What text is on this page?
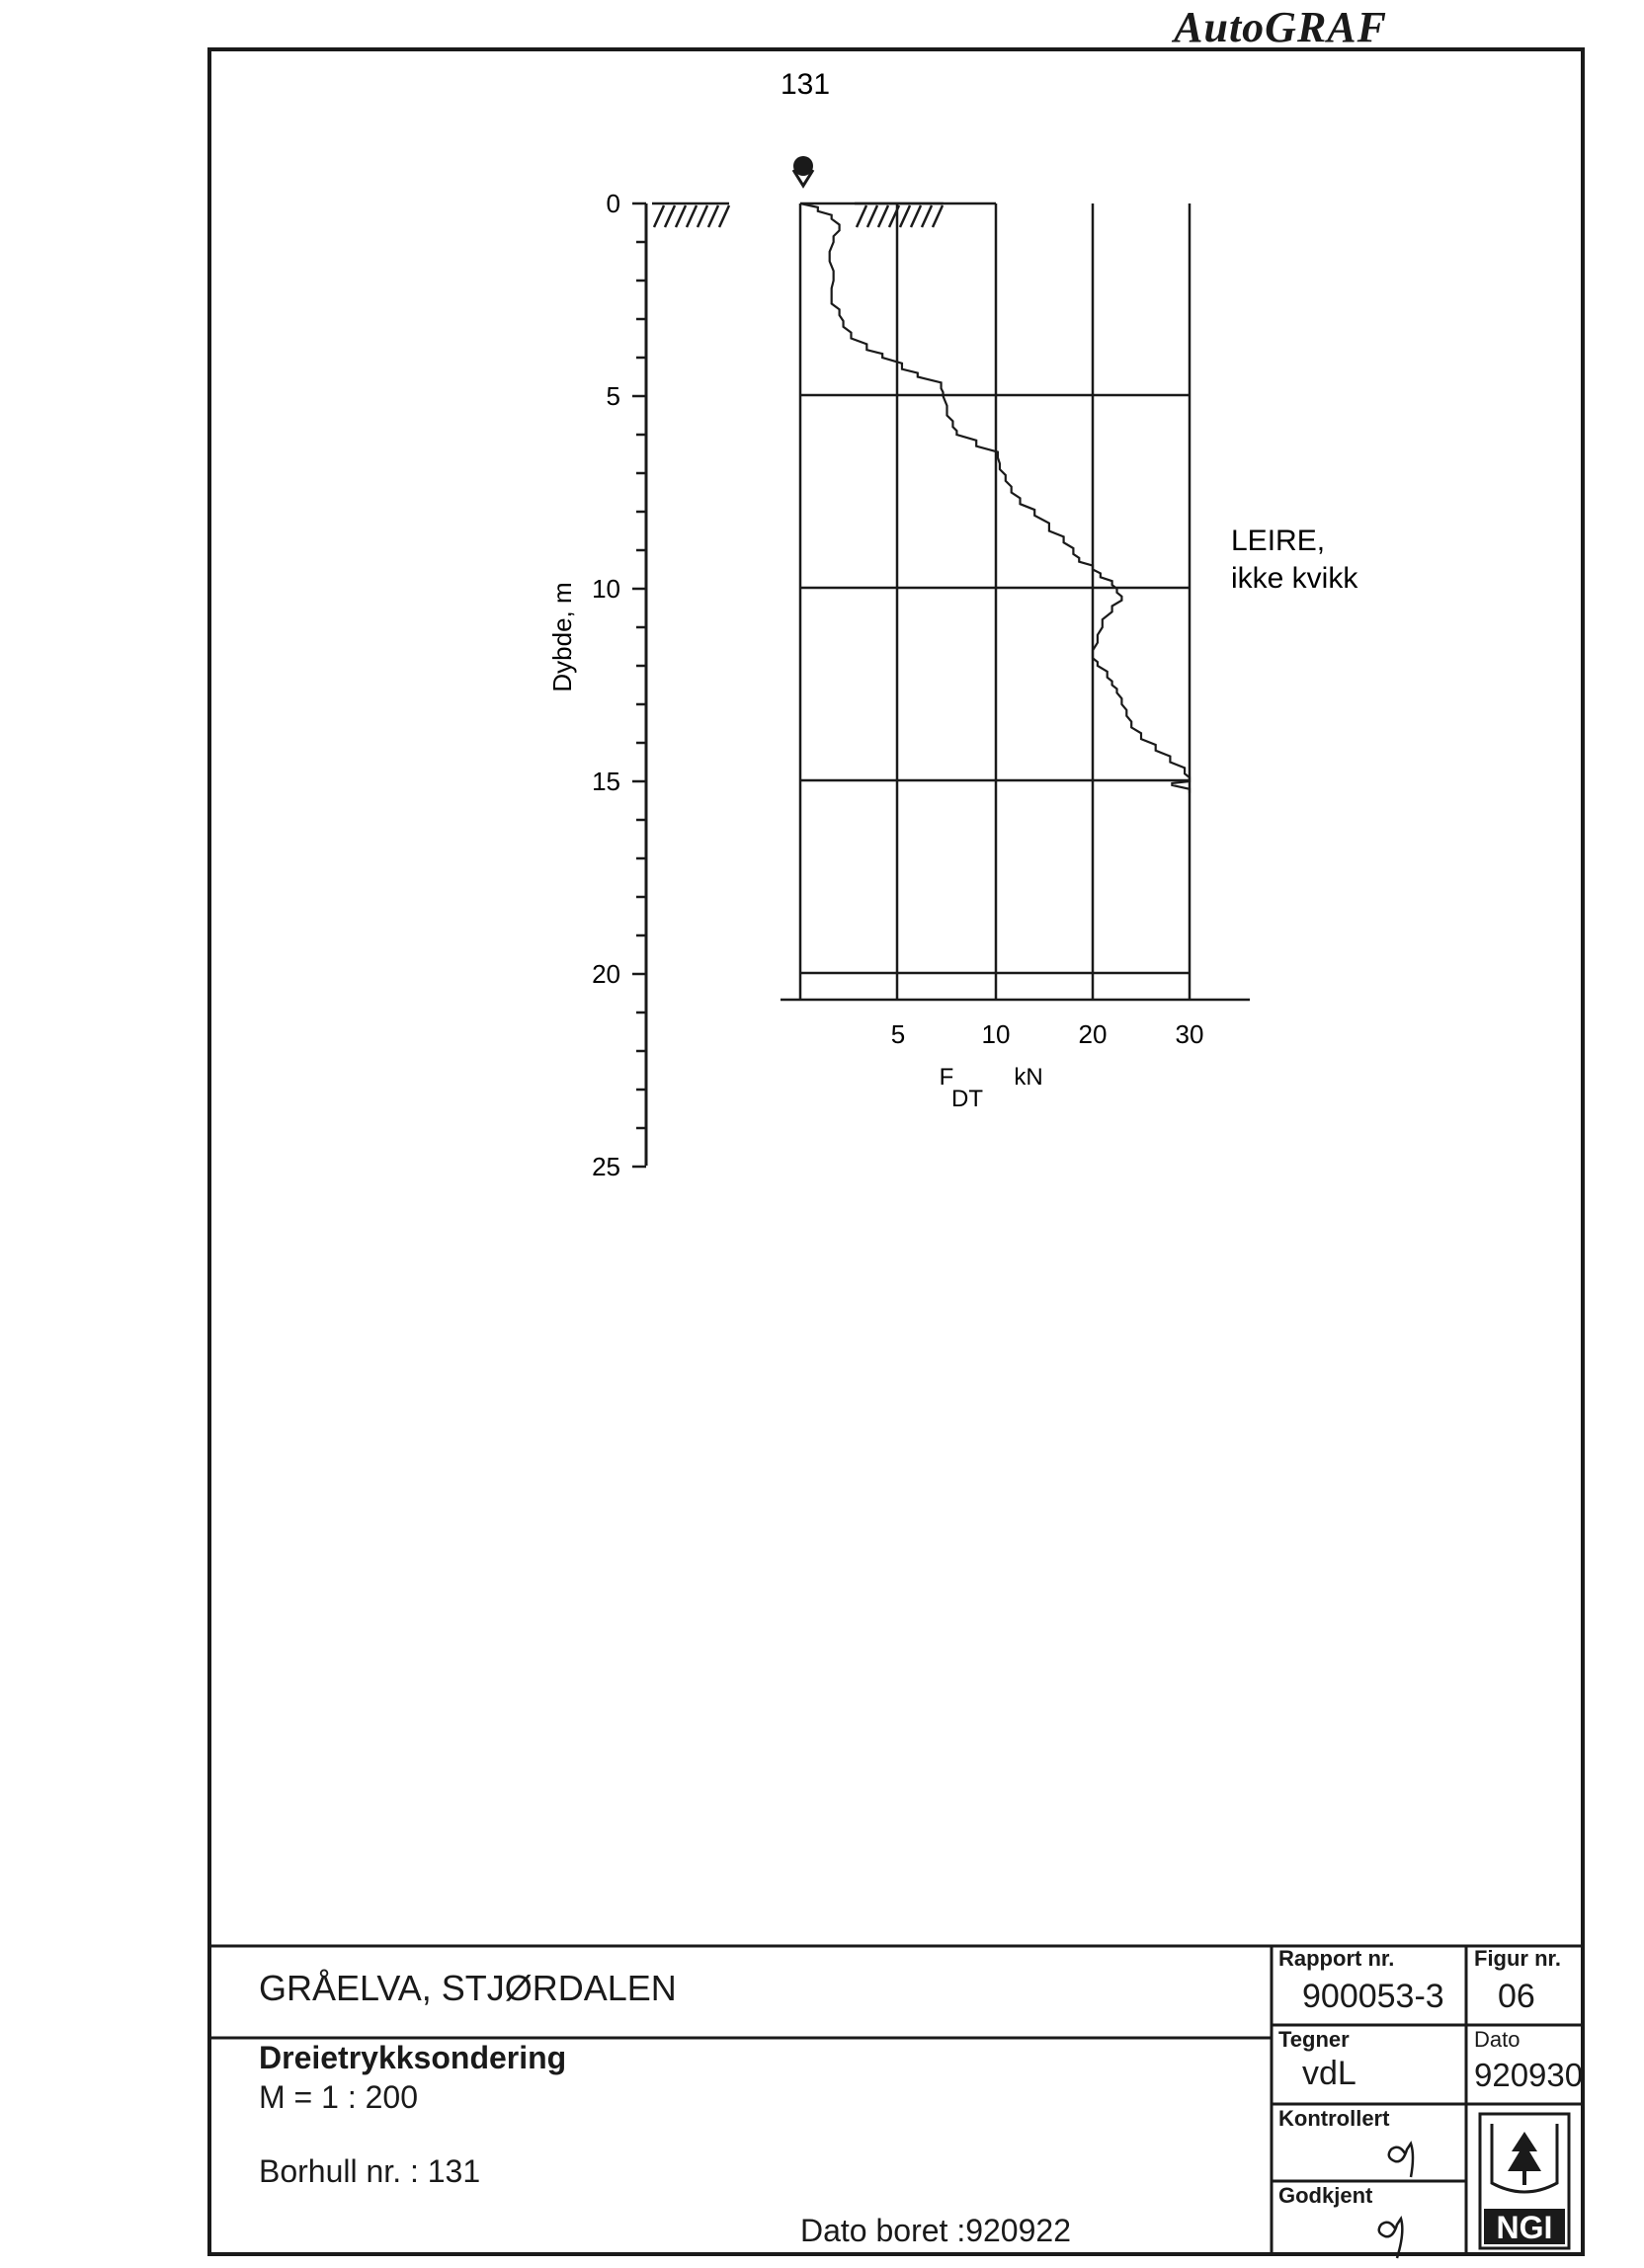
AutoGRAF
131
Dybde, m
F
DT
kN
LEIRE,
ikke kvikk
NGI
0
5
10
15
20
25
5	10	20	30
GRÅELVA, STJØRDALEN
Dreietrykksondering
M = 1 : 200
Borhull nr. : 131
Dato boret :920922
Rapport nr.
900053-3
Figur nr.
06
Tegner
vdL
Dato
920930
Kontrollert
Godkjent
